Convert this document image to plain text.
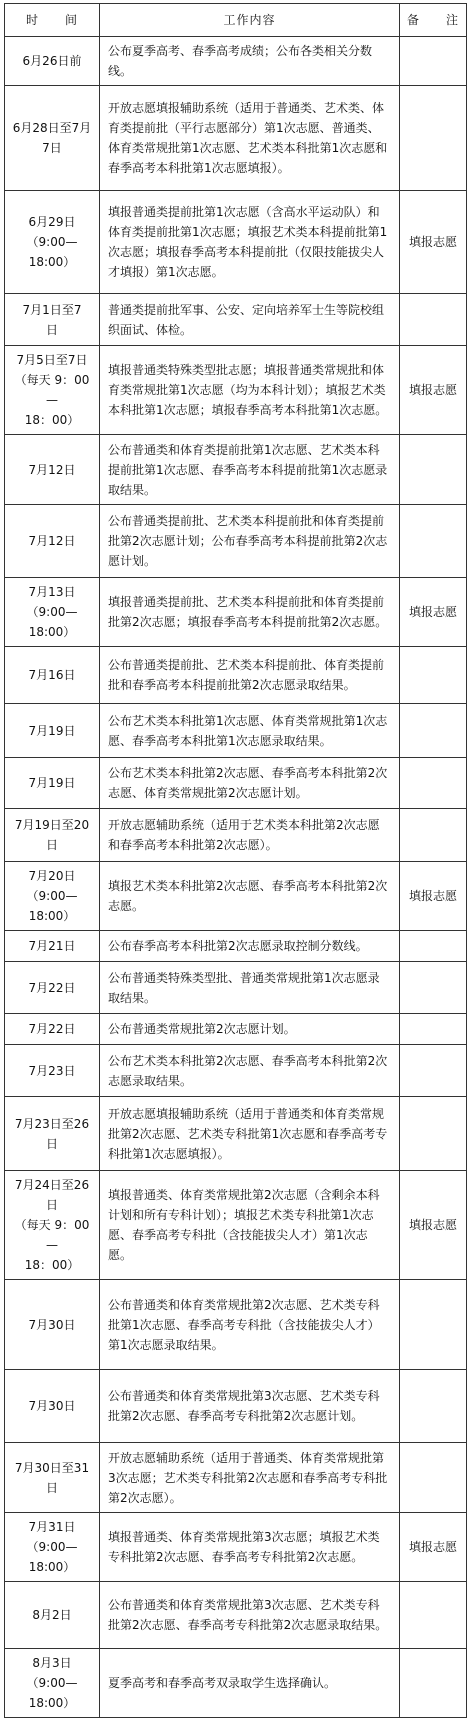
时　　间	工作内容	备　　注

6月26日前	公布夏季高考、春季高考成绩；公布各类相关分数线。	

6月28日至7月
7日	开放志愿填报辅助系统（适用于普通类、艺术类、体育类提前批（平行志愿部分）第1次志愿、普通类、体育类常规批第1次志愿、艺术类本科批第1次志愿和春季高考本科批第1次志愿填报）。	

6月29日
（9:00—18:00）	填报普通类提前批第1次志愿（含高水平运动队）和体育类提前批第1次志愿；填报艺术类本科提前批第1次志愿；填报春季高考本科提前批（仅限技能拔尖人才填报）第1次志愿。	填报志愿

7月1日至7
日	普通类提前批军事、公安、定向培养军士生等院校组织面试、体检。	

7月5日至7日
（每天 9：00—
18：00）	填报普通类特殊类型批志愿；填报普通类常规批和体育类常规批第1次志愿（均为本科计划）；填报艺术类本科批第1次志愿；填报春季高考本科批第1次志愿。	填报志愿

7月12日	公布普通类和体育类提前批第1次志愿、艺术类本科提前批第1次志愿、春季高考本科提前批第1次志愿录取结果。	

7月12日	公布普通类提前批、艺术类本科提前批和体育类提前批第2次志愿计划；公布春季高考本科提前批第2次志愿计划。	

7月13日
（9:00—18:00）	填报普通类提前批、艺术类本科提前批和体育类提前批第2次志愿；填报春季高考本科提前批第2次志愿。	填报志愿

7月16日	公布普通类提前批、艺术类本科提前批、体育类提前批和春季高考本科提前批第2次志愿录取结果。	

7月19日	公布艺术类本科批第1次志愿、体育类常规批第1次志愿、春季高考本科批第1次志愿录取结果。	

7月19日	公布艺术类本科批第2次志愿、春季高考本科批第2次志愿、体育类常规批第2次志愿计划。	

7月19日至20
日	开放志愿辅助系统（适用于艺术类本科批第2次志愿和春季高考本科批第2次志愿）。	

7月20日
（9:00—18:00）	填报艺术类本科批第2次志愿、春季高考本科批第2次志愿。	填报志愿

7月21日	公布春季高考本科批第2次志愿录取控制分数线。	

7月22日	公布普通类特殊类型批、普通类常规批第1次志愿录取结果。	

7月22日	公布普通类常规批第2次志愿计划。	

7月23日	公布艺术类本科批第2次志愿、春季高考本科批第2次志愿录取结果。	

7月23日至26日	开放志愿填报辅助系统（适用于普通类和体育类常规批第2次志愿、艺术类专科批第1次志愿和春季高考专科批第1次志愿填报）。	

7月24日至26
日
（每天 9：00—
18：00）	填报普通类、体育类常规批第2次志愿（含剩余本科计划和所有专科计划）；填报艺术类专科批第1次志愿、春季高考专科批（含技能拔尖人才）第1次志愿。	填报志愿

7月30日	公布普通类和体育类常规批第2次志愿、艺术类专科批第1次志愿、春季高考专科批（含技能拔尖人才）第1次志愿录取结果。	

7月30日	公布普通类和体育类常规批第3次志愿、艺术类专科批第2次志愿、春季高考专科批第2次志愿计划。	

7月30日至31
日	开放志愿辅助系统（适用于普通类、体育类常规批第3次志愿；艺术类专科批第2次志愿和春季高考专科批第2次志愿）。	

7月31日
（9:00—18:00）	填报普通类、体育类常规批第3次志愿；填报艺术类专科批第2次志愿、春季高考专科批第2次志愿。	填报志愿

8月2日	公布普通类和体育类常规批第3次志愿、艺术类专科批第2次志愿、春季高考专科批第2次志愿录取结果。	

8月3日
（9:00—18:00）	夏季高考和春季高考双录取学生选择确认。	
